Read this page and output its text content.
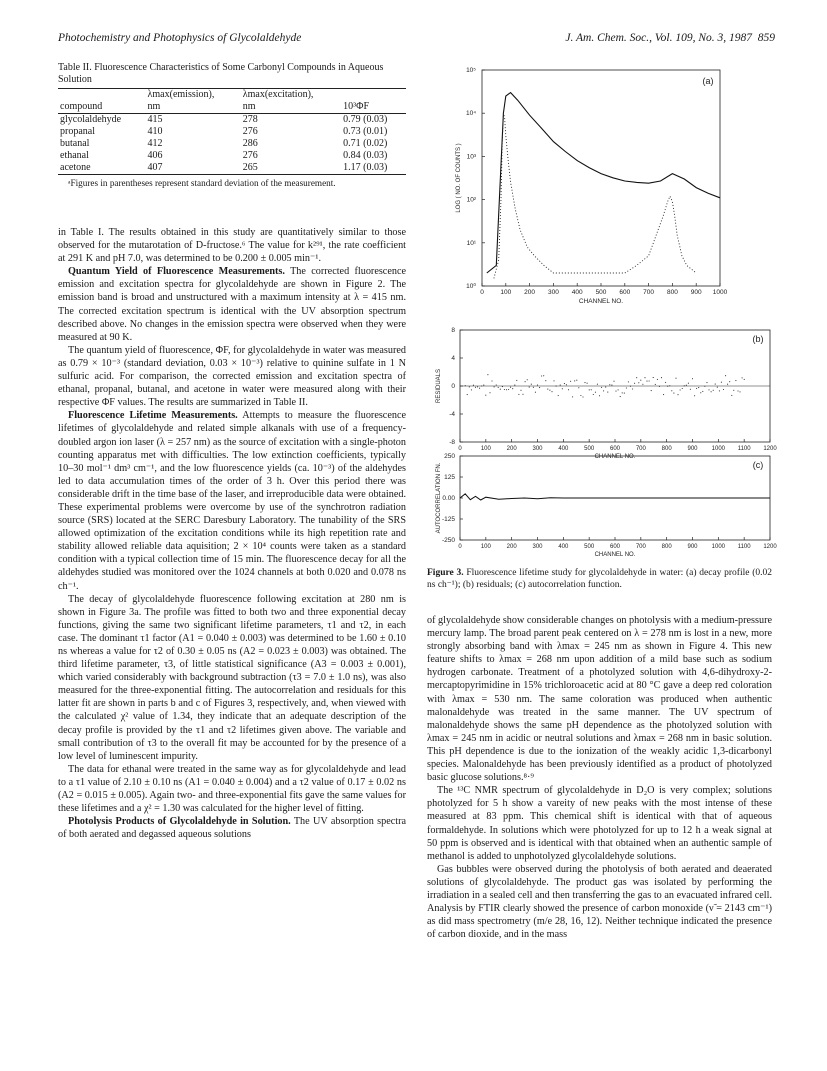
Photochemistry and Photophysics of Glycolaldehyde	J. Am. Chem. Soc., Vol. 109, No. 3, 1987 859
Table II. Fluorescence Characteristics of Some Carbonyl Compounds in Aqueous Solution
	λmax(emission),	λmax(excitation),	
compound	nm	nm	10³ΦF
glycolaldehyde	415	278	0.79 (0.03)
propanal	410	276	0.73 (0.01)
butanal	412	286	0.71 (0.02)
ethanal	406	276	0.84 (0.03)
acetone	407	265	1.17 (0.03)
ᵃFigures in parentheses represent standard deviation of the measurement.

in Table I. The results obtained in this study are quantitatively similar to those observed for the mutarotation of D-fructose.⁶ The value for k²⁹¹, the rate coefficient at 291 K and pH 7.0, was determined to be 0.200 ± 0.005 min⁻¹.

Quantum Yield of Fluorescence Measurements. The corrected fluorescence emission and excitation spectra for glycolaldehyde are shown in Figure 2. The emission band is broad and unstructured with a maximum intensity at λ = 415 nm. The corrected excitation spectrum is identical with the UV absorption spectrum described above. No changes in the emission spectra were observed when they were measured at 90 K.

The quantum yield of fluorescence, ΦF, for glycolaldehyde in water was measured as 0.79 × 10⁻³ (standard deviation, 0.03 × 10⁻³) relative to quinine sulfate in 1 N sulfuric acid. For comparison, the corrected emission and excitation spectra of ethanal, propanal, butanal, and acetone in water were measured along with their respective ΦF values. The results are summarized in Table II.

Fluorescence Lifetime Measurements. Attempts to measure the fluorescence lifetimes of glycolaldehyde and related simple alkanals with use of a frequency-doubled argon ion laser (λ = 257 nm) as the source of excitation with a single-photon counting apparatus met with difficulties. The low extinction coefficients, typically 10–30 mol⁻¹ dm³ cm⁻¹, and the low fluorescence yields (ca. 10⁻³) of the aldehydes led to data accumulation times of the order of 3 h. Over this period there was considerable drift in the time base of the laser, and irreproducible data were obtained. These experimental problems were overcome by use of the synchrotron radiation source (SRS) located at the SERC Daresbury Laboratory. The tunability of the SRS allowed optimization of the excitation conditions while its high repetition rate and stability allowed reliable data aquisition; 2 × 10⁴ counts were taken as a standard condition with a typical collection time of 15 min. The fluorescence decay for all the aldehydes studied was monitored over the 1024 channels at both 0.020 and 0.078 ns ch⁻¹.

The decay of glycolaldehyde fluorescence following excitation at 280 nm is shown in Figure 3a. The profile was fitted to both two and three exponential decay functions, giving the same two significant lifetime parameters, τ1 and τ2, in each case. The dominant τ1 factor (A1 = 0.040 ± 0.003) was determined to be 1.60 ± 0.10 ns whereas a value for τ2 of 0.30 ± 0.05 ns (A2 = 0.023 ± 0.003) was obtained. The third lifetime parameter, τ3, of little statistical significance (A3 = 0.003 ± 0.001), which varied considerably with background subtraction (τ3 = 7.0 ± 1.0 ns), was also measured for the three-exponential fitting. The autocorrelation and residuals for this latter fit are shown in parts b and c of Figures 3, respectively, and, when viewed with the calculated χ² value of 1.34, they indicate that an adequate description of the decay profile is provided by the τ1 and τ2 lifetimes given above. The variable and small contribution of τ3 to the overall fit may be accounted for by the presence of a low level of luminescent impurity.

The data for ethanal were treated in the same way as for glycolaldehyde and lead to a τ1 value of 2.10 ± 0.10 ns (A1 = 0.040 ± 0.004) and a τ2 value of 0.17 ± 0.02 ns (A2 = 0.015 ± 0.005). Again two- and three-exponential fits gave the same values for these lifetimes and a χ² = 1.30 was calculated for the higher level of fitting.

Photolysis Products of Glycolaldehyde in Solution. The UV absorption spectra of both aerated and degassed aqueous solutions

0	100 200 300 400 500 600 700 800 900 1000
10⁰
10¹
10²
10³
10⁴
10⁵
CHANNEL NO.
LOG ( NO. OF COUNTS )
(a)
0	100	200	300	400	500	600	700	800	900 1000 1100 1200
8
4
0
-4
-8
CHANNEL NO.
RESIDUALS
(b)
0	100	200	300	400	500	600	700	800	900 1000 1100 1200
250
125
0.00
-125
-250
CHANNEL NO.
AUTOCORRELATION FN.	(c)
Figure 3. Fluorescence lifetime study for glycolaldehyde in water: (a) decay profile (0.02 ns ch⁻¹); (b) residuals; (c) autocorrelation function.

of glycolaldehyde show considerable changes on photolysis with a medium-pressure mercury lamp. The broad parent peak centered on λ = 278 nm is lost in a new, more strongly absorbing band with λmax = 245 nm as shown in Figure 4. This new feature shifts to λmax = 268 nm upon addition of a mild base such as sodium hydrogen carbonate. Treatment of a photolyzed solution with 4,6-dihydroxy-2-mercaptopyrimidine in 15% trichloroacetic acid at 80 °C gave a deep red coloration with λmax = 530 nm. The same coloration was produced when authentic malonaldehyde was treated in the same manner. The UV spectrum of malonaldehyde shows the same pH dependence as the photolyzed solution with λmax = 245 nm in acidic or neutral solutions and λmax = 268 nm in basic solution. This pH dependence is due to the ionization of the weakly acidic 1,3-dicarbonyl species. Malonaldehyde has been previously identified as a product of photolyzed basic glucose solutions.⁸·⁹

The ¹³C NMR spectrum of glycolaldehyde in D₂O is very complex; solutions photolyzed for 5 h show a vareity of new peaks with the most intense of these measured at 83 ppm. This chemical shift is identical with that of aqueous formaldehyde. In solutions which were photolyzed for up to 12 h a weak signal at 50 ppm is observed and is identical with that obtained when an authentic sample of methanol is added to unphotolyzed glycolaldehyde solutions.

Gas bubbles were observed during the photolysis of both aerated and deaerated solutions of glycolaldehyde. The product gas was isolated by performing the irradiation in a sealed cell and then transferring the gas to an evacuated infrared cell. Analysis by FTIR clearly showed the presence of carbon monoxide (ν̃ = 2143 cm⁻¹) as did mass spectrometry (m/e 28, 16, 12). Neither technique indicated the presence of carbon dioxide, and in the mass
